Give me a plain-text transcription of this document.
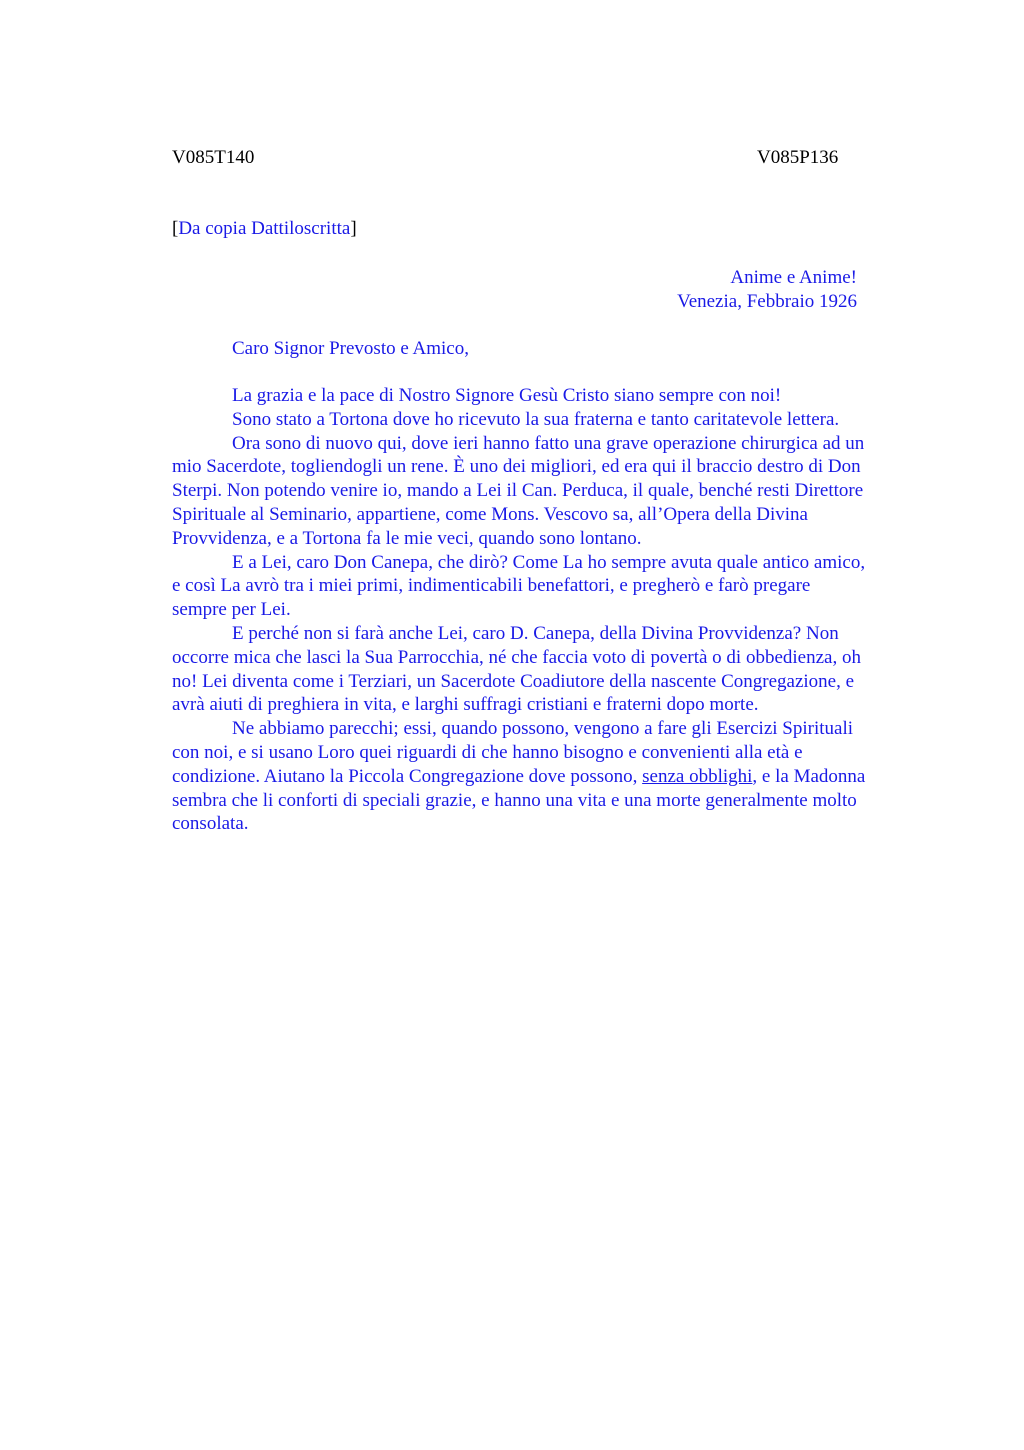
V085T140	V085P136
[Da copia Dattiloscritta]
Anime e Anime!
Venezia, Febbraio 1926
Caro Signor Prevosto e Amico,
La grazia e la pace di Nostro Signore Gesù Cristo siano sempre con noi!
Sono stato a Tortona dove ho ricevuto la sua fraterna e tanto caritatevole lettera.
Ora sono di nuovo qui, dove ieri hanno fatto una grave operazione chirurgica ad un
mio Sacerdote, togliendogli un rene. È uno dei migliori, ed era qui il braccio destro di Don
Sterpi. Non potendo venire io, mando a Lei il Can. Perduca, il quale, benché resti Direttore
Spirituale al Seminario, appartiene, come Mons. Vescovo sa, all’Opera della Divina
Provvidenza, e a Tortona fa le mie veci, quando sono lontano.
E a Lei, caro Don Canepa, che dirò? Come La ho sempre avuta quale antico amico,
e così La avrò tra i miei primi, indimenticabili benefattori, e pregherò e farò pregare
sempre per Lei.
E perché non si farà anche Lei, caro D. Canepa, della Divina Provvidenza? Non
occorre mica che lasci la Sua Parrocchia, né che faccia voto di povertà o di obbedienza, oh
no! Lei diventa come i Terziari, un Sacerdote Coadiutore della nascente Congregazione, e
avrà aiuti di preghiera in vita, e larghi suffragi cristiani e fraterni dopo morte.
Ne abbiamo parecchi; essi, quando possono, vengono a fare gli Esercizi Spirituali
con noi, e si usano Loro quei riguardi di che hanno bisogno e convenienti alla età e
condizione. Aiutano la Piccola Congregazione dove possono, senza obblighi, e la Madonna
sembra che li conforti di speciali grazie, e hanno una vita e una morte generalmente molto
consolata.
